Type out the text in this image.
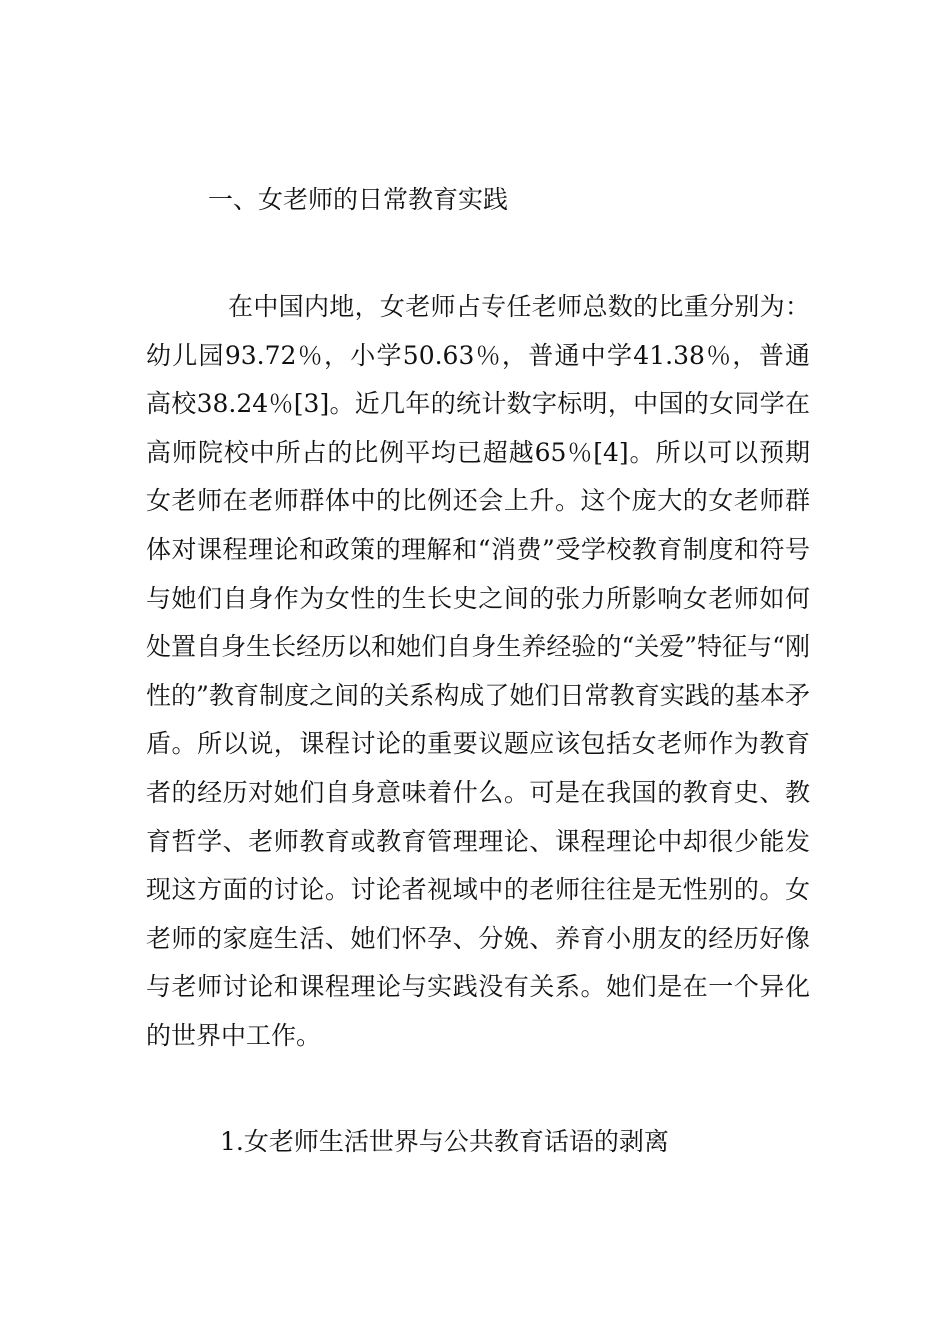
一、女老师的日常教育实践

在中国内地，女老师占专任老师总数的比重分别为：幼儿园93.72％，小学50.63％，普通中学41.38％，普通高校38.24％[3]。近几年的统计数字标明，中国的女同学在高师院校中所占的比例平均已超越65％[4]。所以可以预期女老师在老师群体中的比例还会上升。这个庞大的女老师群体对课程理论和政策的理解和“消费”受学校教育制度和符号与她们自身作为女性的生长史之间的张力所影响女老师如何处置自身生长经历以和她们自身生养经验的“关爱”特征与“刚性的”教育制度之间的关系构成了她们日常教育实践的基本矛盾。所以说，课程讨论的重要议题应该包括女老师作为教育者的经历对她们自身意味着什么。可是在我国的教育史、教育哲学、老师教育或教育管理理论、课程理论中却很少能发现这方面的讨论。讨论者视域中的老师往往是无性别的。女老师的家庭生活、她们怀孕、分娩、养育小朋友的经历好像与老师讨论和课程理论与实践没有关系。她们是在一个异化的世界中工作。

1.女老师生活世界与公共教育话语的剥离
